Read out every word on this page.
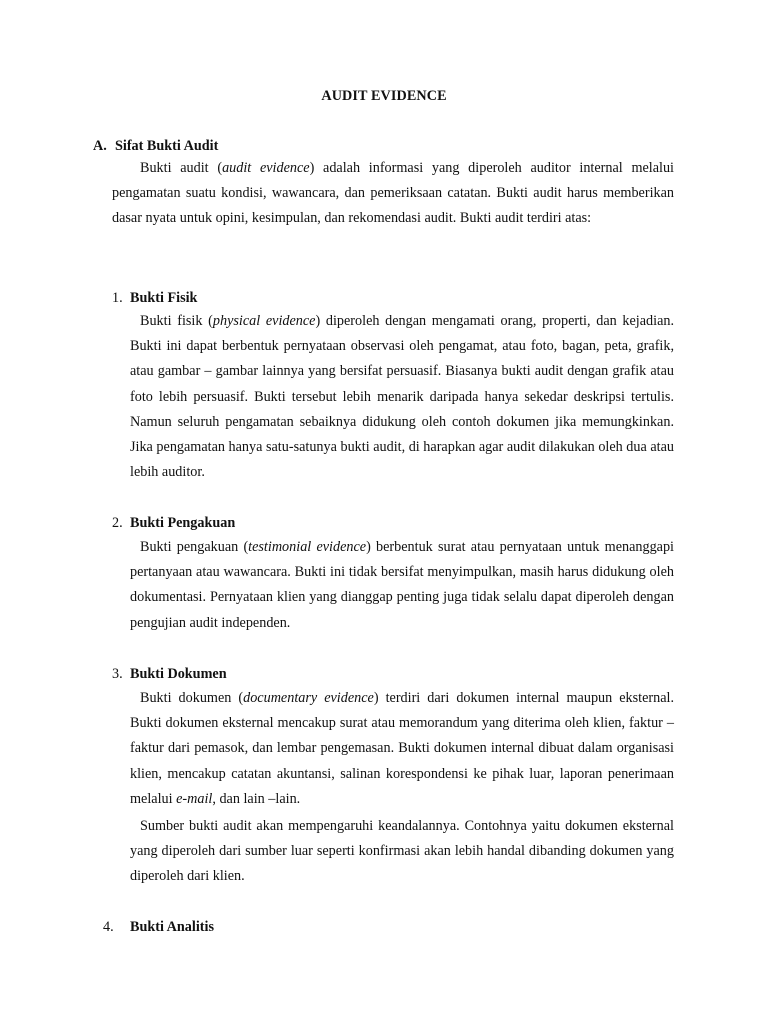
AUDIT EVIDENCE
A. Sifat Bukti Audit

Bukti audit (audit evidence) adalah informasi yang diperoleh auditor internal melalui pengamatan suatu kondisi, wawancara, dan pemeriksaan catatan. Bukti audit harus memberikan dasar nyata untuk opini, kesimpulan, dan rekomendasi audit. Bukti audit terdiri atas:

1. Bukti Fisik

Bukti fisik (physical evidence) diperoleh dengan mengamati orang, properti, dan kejadian. Bukti ini dapat berbentuk pernyataan observasi oleh pengamat, atau foto, bagan, peta, grafik, atau gambar – gambar lainnya yang bersifat persuasif. Biasanya bukti audit dengan grafik atau foto lebih persuasif. Bukti tersebut lebih menarik daripada hanya sekedar deskripsi tertulis. Namun seluruh pengamatan sebaiknya didukung oleh contoh dokumen jika memungkinkan. Jika pengamatan hanya satu-satunya bukti audit, di harapkan agar audit dilakukan oleh dua atau lebih auditor.

2. Bukti Pengakuan

Bukti pengakuan (testimonial evidence) berbentuk surat atau pernyataan untuk menanggapi pertanyaan atau wawancara. Bukti ini tidak bersifat menyimpulkan, masih harus didukung oleh dokumentasi. Pernyataan klien yang dianggap penting juga tidak selalu dapat diperoleh dengan pengujian audit independen.

3. Bukti Dokumen

Bukti dokumen (documentary evidence) terdiri dari dokumen internal maupun eksternal. Bukti dokumen eksternal mencakup surat atau memorandum yang diterima oleh klien, faktur – faktur dari pemasok, dan lembar pengemasan. Bukti dokumen internal dibuat dalam organisasi klien, mencakup catatan akuntansi, salinan korespondensi ke pihak luar, laporan penerimaan melalui e-mail, dan lain –lain.

Sumber bukti audit akan mempengaruhi keandalannya. Contohnya yaitu dokumen eksternal yang diperoleh dari sumber luar seperti konfirmasi akan lebih handal dibanding dokumen yang diperoleh dari klien.

4. Bukti Analitis
